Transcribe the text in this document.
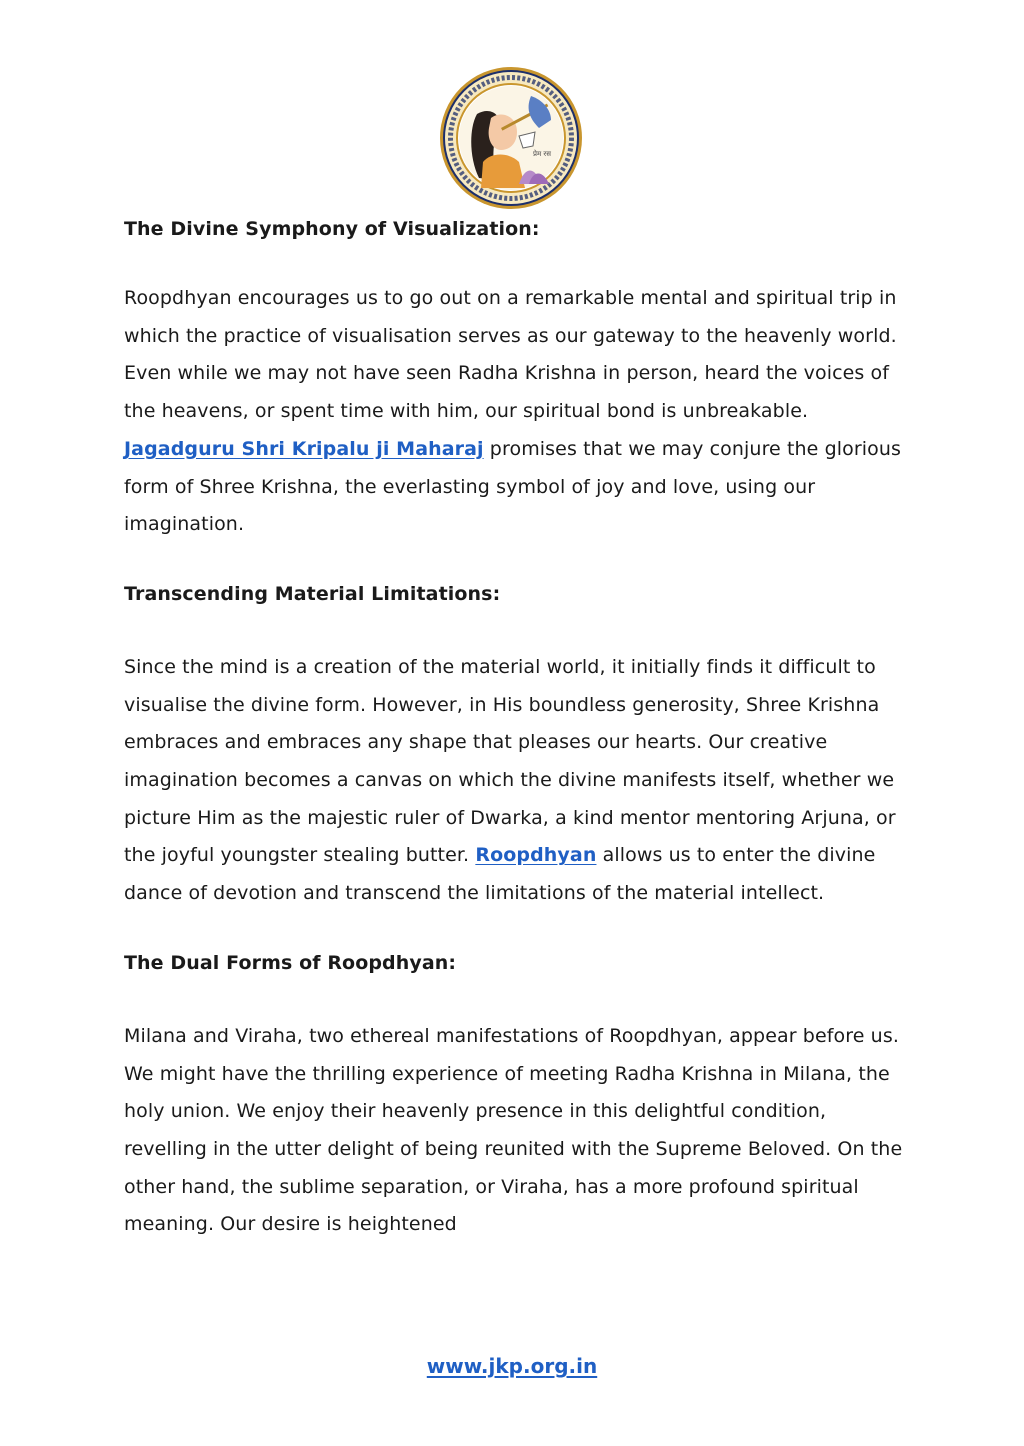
प्रेम रस

The Divine Symphony of Visualization:

Roopdhyan encourages us to go out on a remarkable mental and spiritual trip in which the practice of visualisation serves as our gateway to the heavenly world. Even while we may not have seen Radha Krishna in person, heard the voices of the heavens, or spent time with him, our spiritual bond is unbreakable. Jagadguru Shri Kripalu ji Maharaj promises that we may conjure the glorious form of Shree Krishna, the everlasting symbol of joy and love, using our imagination.

Transcending Material Limitations:

Since the mind is a creation of the material world, it initially finds it difficult to visualise the divine form. However, in His boundless generosity, Shree Krishna embraces and embraces any shape that pleases our hearts. Our creative imagination becomes a canvas on which the divine manifests itself, whether we picture Him as the majestic ruler of Dwarka, a kind mentor mentoring Arjuna, or the joyful youngster stealing butter. Roopdhyan allows us to enter the divine dance of devotion and transcend the limitations of the material intellect.

The Dual Forms of Roopdhyan:

Milana and Viraha, two ethereal manifestations of Roopdhyan, appear before us. We might have the thrilling experience of meeting Radha Krishna in Milana, the holy union. We enjoy their heavenly presence in this delightful condition, revelling in the utter delight of being reunited with the Supreme Beloved. On the other hand, the sublime separation, or Viraha, has a more profound spiritual meaning. Our desire is heightened

www.jkp.org.in
